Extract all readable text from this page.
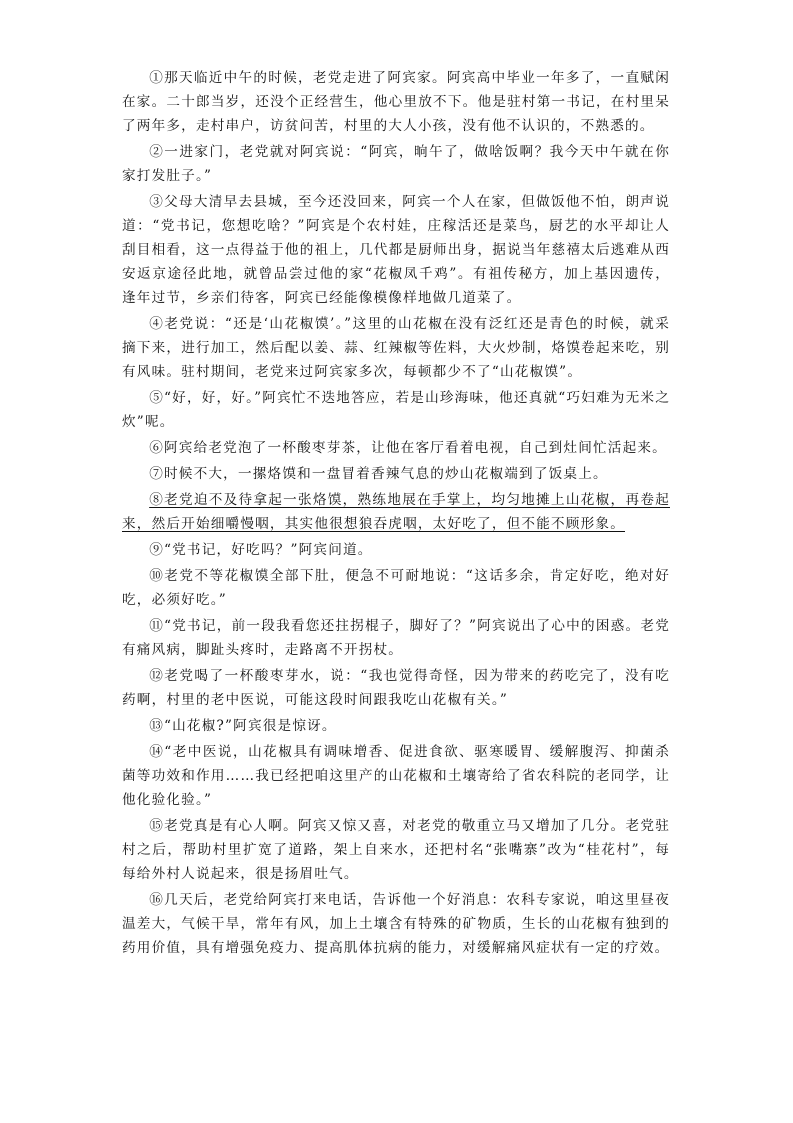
①那天临近中午的时候，老党走进了阿宾家。阿宾高中毕业一年多了，一直赋闲在家。二十郎当岁，还没个正经营生，他心里放不下。他是驻村第一书记，在村里呆了两年多，走村串户，访贫问苦，村里的大人小孩，没有他不认识的，不熟悉的。

②一进家门，老党就对阿宾说：“阿宾，晌午了，做啥饭啊？我今天中午就在你家打发肚子。”

③父母大清早去县城，至今还没回来，阿宾一个人在家，但做饭他不怕，朗声说道：“党书记，您想吃啥？”阿宾是个农村娃，庄稼活还是菜鸟，厨艺的水平却让人刮目相看，这一点得益于他的祖上，几代都是厨师出身，据说当年慈禧太后逃难从西安返京途径此地，就曾品尝过他的家“花椒凤千鸡”。有祖传秘方，加上基因遗传，逢年过节，乡亲们待客，阿宾已经能像模像样地做几道菜了。

④老党说：“还是‘山花椒馍’。”这里的山花椒在没有泛红还是青色的时候，就采摘下来，进行加工，然后配以姜、蒜、红辣椒等佐料，大火炒制，烙馍卷起来吃，别有风味。驻村期间，老党来过阿宾家多次，每顿都少不了“山花椒馍”。

⑤“好，好，好。”阿宾忙不迭地答应，若是山珍海味，他还真就“巧妇难为无米之炊”呢。

⑥阿宾给老党泡了一杯酸枣芽茶，让他在客厅看着电视，自己到灶间忙活起来。

⑦时候不大，一摞烙馍和一盘冒着香辣气息的炒山花椒端到了饭桌上。

⑧老党迫不及待拿起一张烙馍，熟练地展在手掌上，均匀地摊上山花椒，再卷起来，然后开始细嚼慢咽，其实他很想狼吞虎咽，太好吃了，但不能不顾形象。

⑨“党书记，好吃吗？”阿宾问道。

⑩老党不等花椒馍全部下肚，便急不可耐地说：“这话多余，肯定好吃，绝对好吃，必须好吃。”

⑪“党书记，前一段我看您还拄拐棍子，脚好了？”阿宾说出了心中的困惑。老党有痛风病，脚趾头疼时，走路离不开拐杖。

⑫老党喝了一杯酸枣芽水，说：“我也觉得奇怪，因为带来的药吃完了，没有吃药啊，村里的老中医说，可能这段时间跟我吃山花椒有关。”

⑬“山花椒?”阿宾很是惊讶。

⑭“老中医说，山花椒具有调味增香、促进食欲、驱寒暖胃、缓解腹泻、抑菌杀菌等功效和作用……我已经把咱这里产的山花椒和土壤寄给了省农科院的老同学，让他化验化验。”

⑮老党真是有心人啊。阿宾又惊又喜，对老党的敬重立马又增加了几分。老党驻村之后，帮助村里扩宽了道路，架上自来水，还把村名“张嘴寨”改为“桂花村”，每每给外村人说起来，很是扬眉吐气。

⑯几天后，老党给阿宾打来电话，告诉他一个好消息：农科专家说，咱这里昼夜温差大，气候干旱，常年有风，加上土壤含有特殊的矿物质，生长的山花椒有独到的药用价值，具有增强免疫力、提高肌体抗病的能力，对缓解痛风症状有一定的疗效。
